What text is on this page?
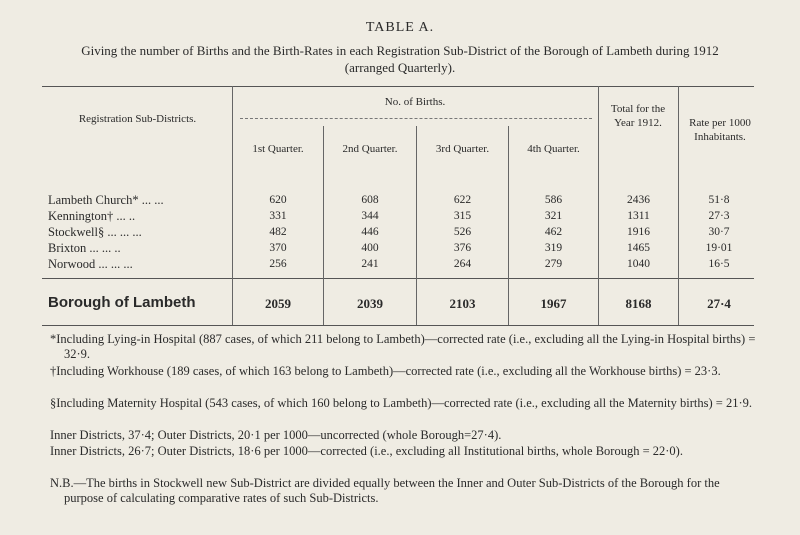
TABLE A.
Giving the number of Births and the Birth-Rates in each Registration Sub-District of the Borough of Lambeth during 1912 (arranged Quarterly).
Registration Sub-Districts.
No. of Births.
1st Quarter.	2nd Quarter.	3rd Quarter.	4th Quarter.
Total for the Year 1912.	Rate per 1000 Inhabitants.
Lambeth Church* ... ...	620	608	622	586	2436	51·8
Kennington† ... ..	331	344	315	321	1311	27·3
Stockwell§ ... ... ...	482	446	526	462	1916	30·7
Brixton ... ... ..	370	400	376	319	1465	19·01
Norwood ... ... ...	256	241	264	279	1040	16·5
Borough of Lambeth	2059	2039	2103	1967	8168	27·4
*Including Lying-in Hospital (887 cases, of which 211 belong to Lambeth)—corrected rate (i.e., excluding all the Lying-in Hospital births) = 32·9.
†Including Workhouse (189 cases, of which 163 belong to Lambeth)—corrected rate (i.e., excluding all the Workhouse births) = 23·3.
§Including Maternity Hospital (543 cases, of which 160 belong to Lambeth)—corrected rate (i.e., excluding all the Maternity births) = 21·9.
Inner Districts, 37·4; Outer Districts, 20·1 per 1000—uncorrected (whole Borough=27·4).
Inner Districts, 26·7; Outer Districts, 18·6 per 1000—corrected (i.e., excluding all Institutional births, whole Borough = 22·0).
N.B.—The births in Stockwell new Sub-District are divided equally between the Inner and Outer Sub-Districts of the Borough for the purpose of calculating comparative rates of such Sub-Districts.
